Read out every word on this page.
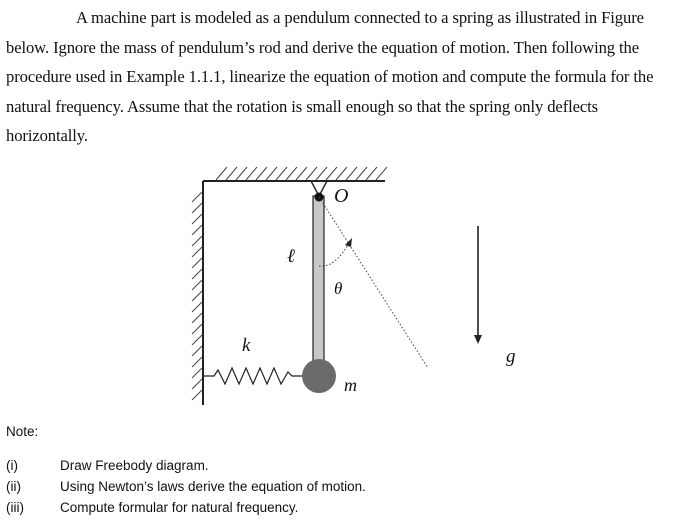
A machine part is modeled as a pendulum connected to a spring as illustrated in Figure
below. Ignore the mass of pendulum’s rod and derive the equation of motion. Then following the
procedure used in Example 1.1.1, linearize the equation of motion and compute the formula for the
natural frequency. Assume that the rotation is small enough so that the spring only deflects
horizontally.
O
ℓ
θ
k
m
g
Note:
(i)	Draw Freebody diagram.
(ii)	Using Newton’s laws derive the equation of motion.
(iii)	Compute formular for natural frequency.
